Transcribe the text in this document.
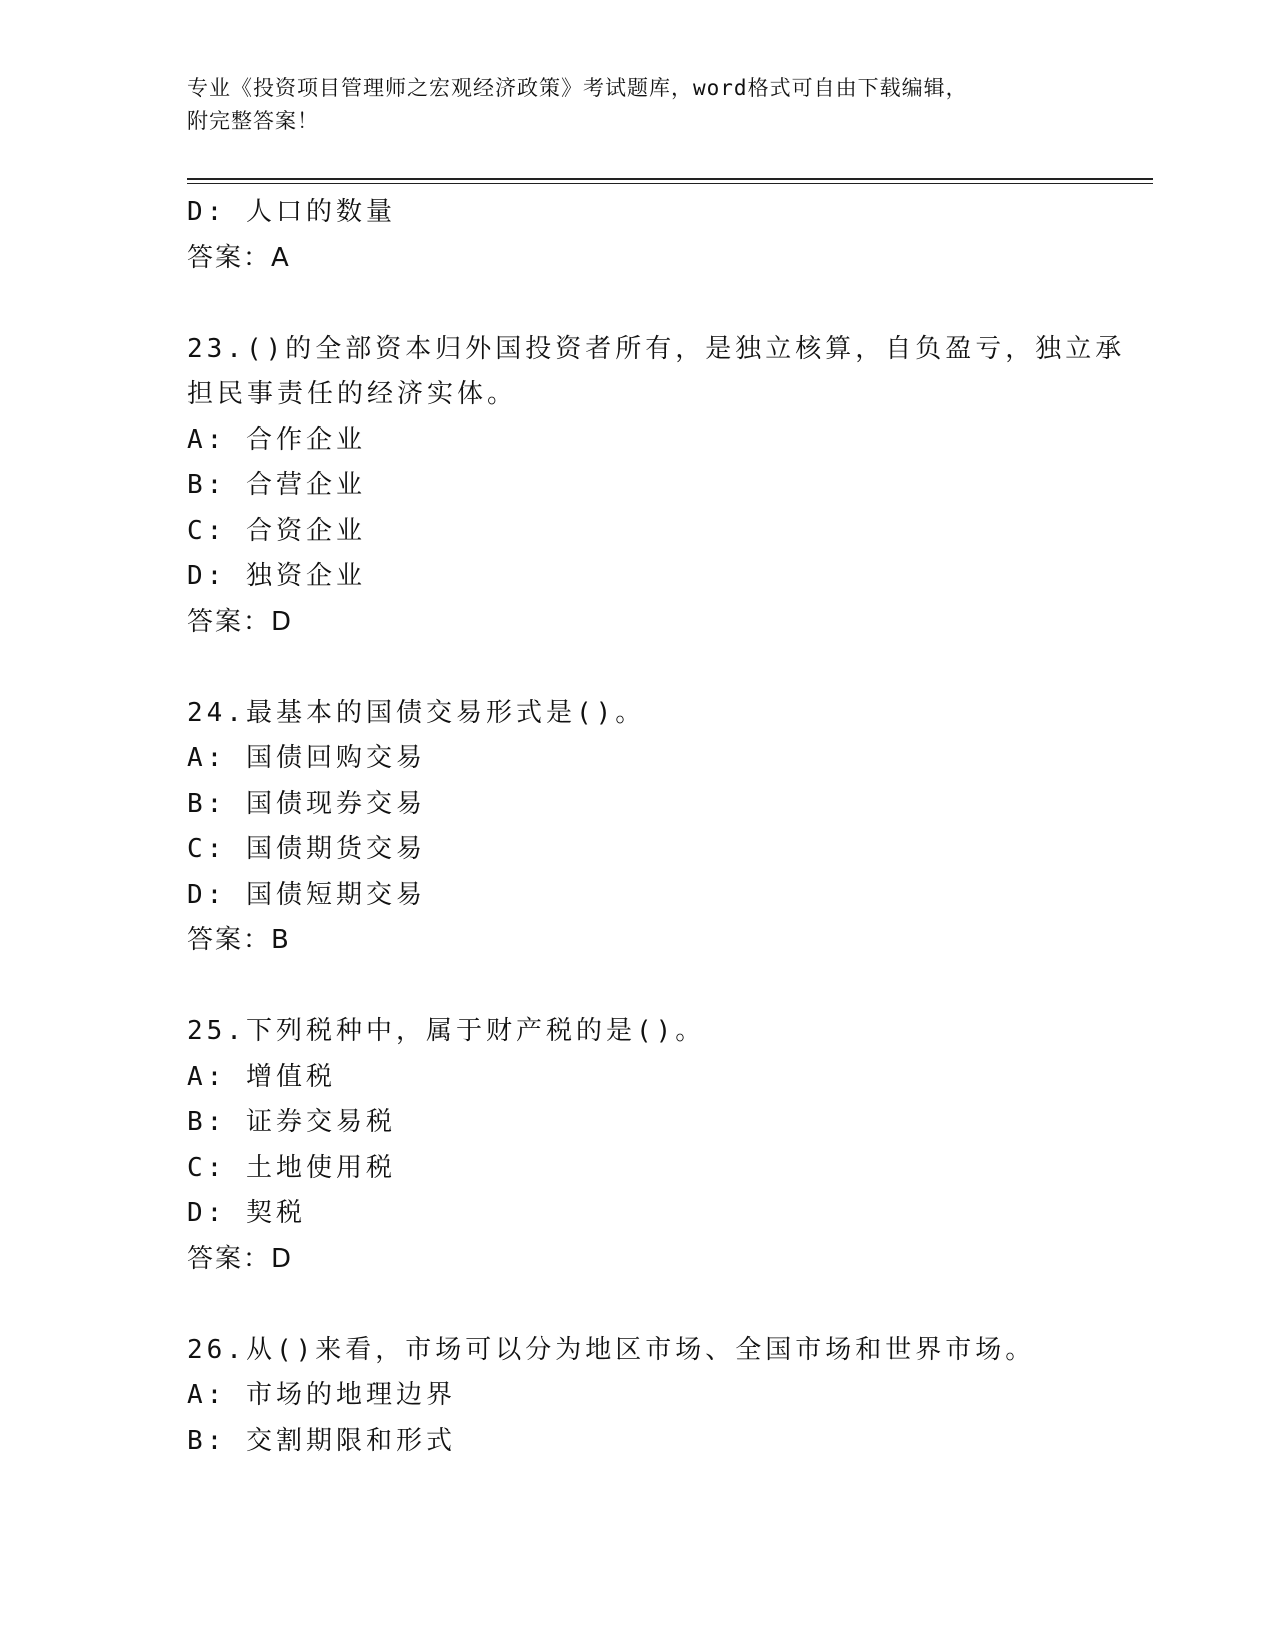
专业《投资项目管理师之宏观经济政策》考试题库，word格式可自由下载编辑，
附完整答案！
D: 人口的数量
答案：A
23.()的全部资本归外国投资者所有，是独立核算，自负盈亏，独立承
担民事责任的经济实体。
A: 合作企业
B: 合营企业
C: 合资企业
D: 独资企业
答案：D
24.最基本的国债交易形式是()。
A: 国债回购交易
B: 国债现券交易
C: 国债期货交易
D: 国债短期交易
答案：B
25.下列税种中，属于财产税的是()。
A: 增值税
B: 证券交易税
C: 土地使用税
D: 契税
答案：D
26.从()来看，市场可以分为地区市场、全国市场和世界市场。
A: 市场的地理边界
B: 交割期限和形式
